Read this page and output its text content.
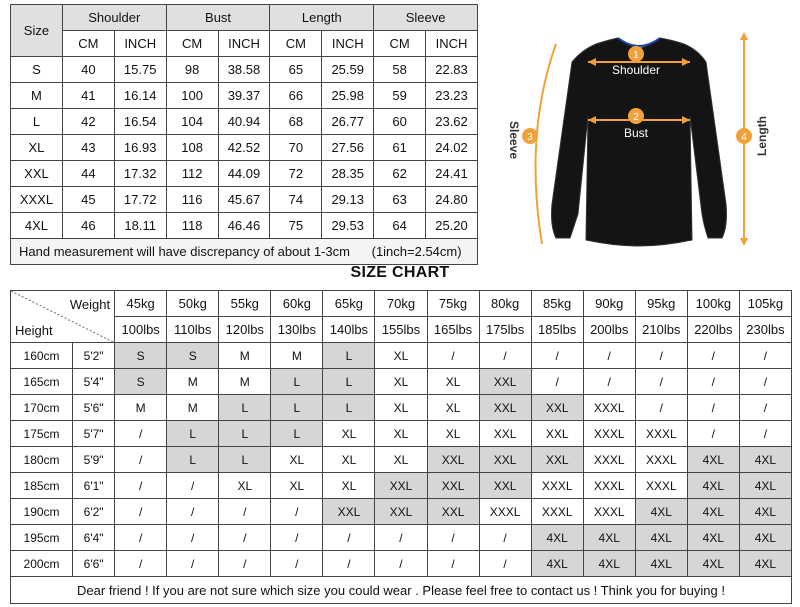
Size	Shoulder		Bust		Length		Sleeve	
	CM	INCH	CM	INCH	CM	INCH	CM	INCH
S	40	15.75	98	38.58	65	25.59	58	22.83
M	41	16.14	100	39.37	66	25.98	59	23.23
L	42	16.54	104	40.94	68	26.77	60	23.62
XL	43	16.93	108	42.52	70	27.56	61	24.02
XXL	44	17.32	112	44.09	72	28.35	62	24.41
XXXL	45	17.72	116	45.67	74	29.13	63	24.80
4XL	46	18.11	118	46.46	75	29.53	64	25.20
Hand measurement will have discrepancy of about 1-3cm      (1inch=2.54cm)								
1
2
3	4
Shoulder
Bust
Sleeve	Length
SIZE CHART
Weight
Height		45kg	50kg	55kg	60kg	65kg	70kg	75kg	80kg	85kg	90kg	95kg	100kg	105kg
		100lbs	110lbs	120lbs	130lbs	140lbs	155lbs	165lbs	175lbs	185lbs	200lbs	210lbs	220lbs	230lbs
160cm	5'2"	S	S	M	M	L	XL	/	/	/	/	/	/	/
165cm	5'4"	S	M	M	L	L	XL	XL	XXL	/	/	/	/	/
170cm	5'6"	M	M	L	L	L	XL	XL	XXL	XXL	XXXL	/	/	/
175cm	5'7"	/	L	L	L	XL	XL	XL	XXL	XXL	XXXL	XXXL	/	/
180cm	5'9"	/	L	L	XL	XL	XL	XXL	XXL	XXL	XXXL	XXXL	4XL	4XL
185cm	6'1"	/	/	XL	XL	XL	XXL	XXL	XXL	XXXL	XXXL	XXXL	4XL	4XL
190cm	6'2"	/	/	/	/	XXL	XXL	XXL	XXXL	XXXL	XXXL	4XL	4XL	4XL
195cm	6'4"	/	/	/	/	/	/	/	/	4XL	4XL	4XL	4XL	4XL
200cm	6'6"	/	/	/	/	/	/	/	/	4XL	4XL	4XL	4XL	4XL
Dear friend ! If you are not sure which size you could wear . Please feel free to contact us ! Think you for buying !														
